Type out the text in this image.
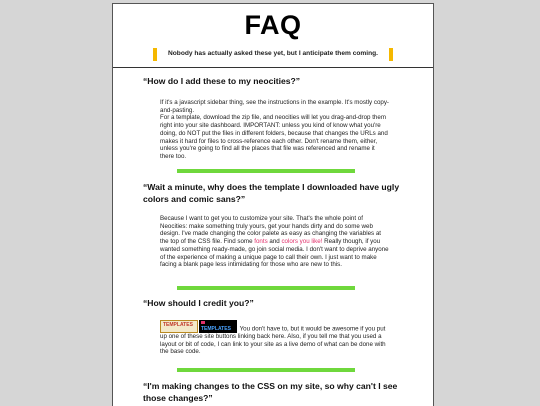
FAQ
Nobody has actually asked these yet, but I anticipate them coming.
“How do I add these to my neocities?”

If it's a javascript sidebar thing, see the instructions in the example. It's mostly copy-and-pasting.

For a template, download the zip file, and neocities will let you drag-and-drop them right into your site dashboard. IMPORTANT: unless you kind of know what you're doing, do NOT put the files in different folders, because that changes the URLs and makes it hard for files to cross-reference each other. Don't rename them, either, unless you're going to find all the places that file was referenced and rename it there too.

“Wait a minute, why does the template I downloaded have ugly colors and comic sans?”
Because I want to get you to customize your site. That's the whole point of Neocities: make something truly yours, get your hands dirty and do some web design. I've made changing the color palete as easy as changing the variables at the top of the CSS file. Find some fonts and colors you like! Really though, if you wanted something ready-made, go join social media. I don't want to deprive anyone of the experience of making a unique page to call their own. I just want to make facing a blank page less intimidating for those who are new to this.
“How should I credit you?”
TEMPLATES
TEMPLATES You don't have to, but it would be awesome if you put up one of these site buttons linking back here. Also, if you tell me that you used a layout or bit of code, I can link to your site as a live demo of what can be done with the base code.
“I'm making changes to the CSS on my site, so why can't I see those changes?”
